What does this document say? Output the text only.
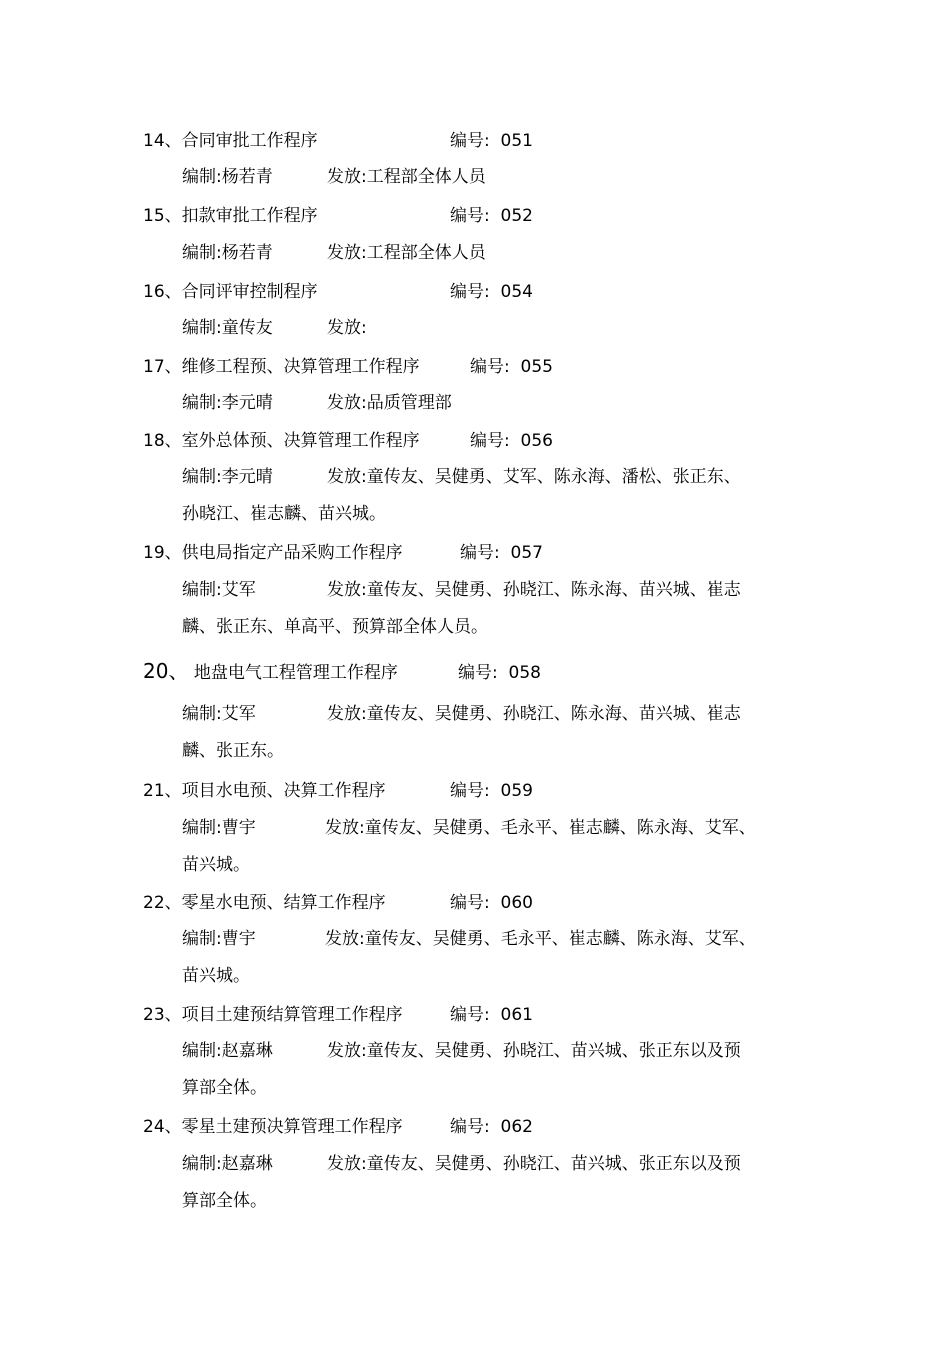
14、合同审批工作程序	编号: 051
编制:杨若青	发放:工程部全体人员
15、扣款审批工作程序	编号: 052
编制:杨若青	发放:工程部全体人员
16、合同评审控制程序	编号: 054
编制:童传友	发放:
17、维修工程预、决算管理工作程序	编号: 055
编制:李元晴	发放:品质管理部
18、室外总体预、决算管理工作程序	编号: 056
编制:李元晴	发放:童传友、吴健勇、艾军、陈永海、潘松、张正东、
孙晓江、崔志麟、苗兴城。
19、供电局指定产品采购工作程序	编号: 057
编制:艾军	发放:童传友、吴健勇、孙晓江、陈永海、苗兴城、崔志
麟、张正东、单高平、预算部全体人员。
20、 地盘电气工程管理工作程序	编号: 058
编制:艾军	发放:童传友、吴健勇、孙晓江、陈永海、苗兴城、崔志
麟、张正东。
21、项目水电预、决算工作程序	编号: 059
编制:曹宇	发放:童传友、吴健勇、毛永平、崔志麟、陈永海、艾军、
苗兴城。
22、零星水电预、结算工作程序	编号: 060
编制:曹宇	发放:童传友、吴健勇、毛永平、崔志麟、陈永海、艾军、
苗兴城。
23、项目土建预结算管理工作程序	编号: 061
编制:赵嘉琳	发放:童传友、吴健勇、孙晓江、苗兴城、张正东以及预
算部全体。
24、零星土建预决算管理工作程序	编号: 062
编制:赵嘉琳	发放:童传友、吴健勇、孙晓江、苗兴城、张正东以及预
算部全体。
